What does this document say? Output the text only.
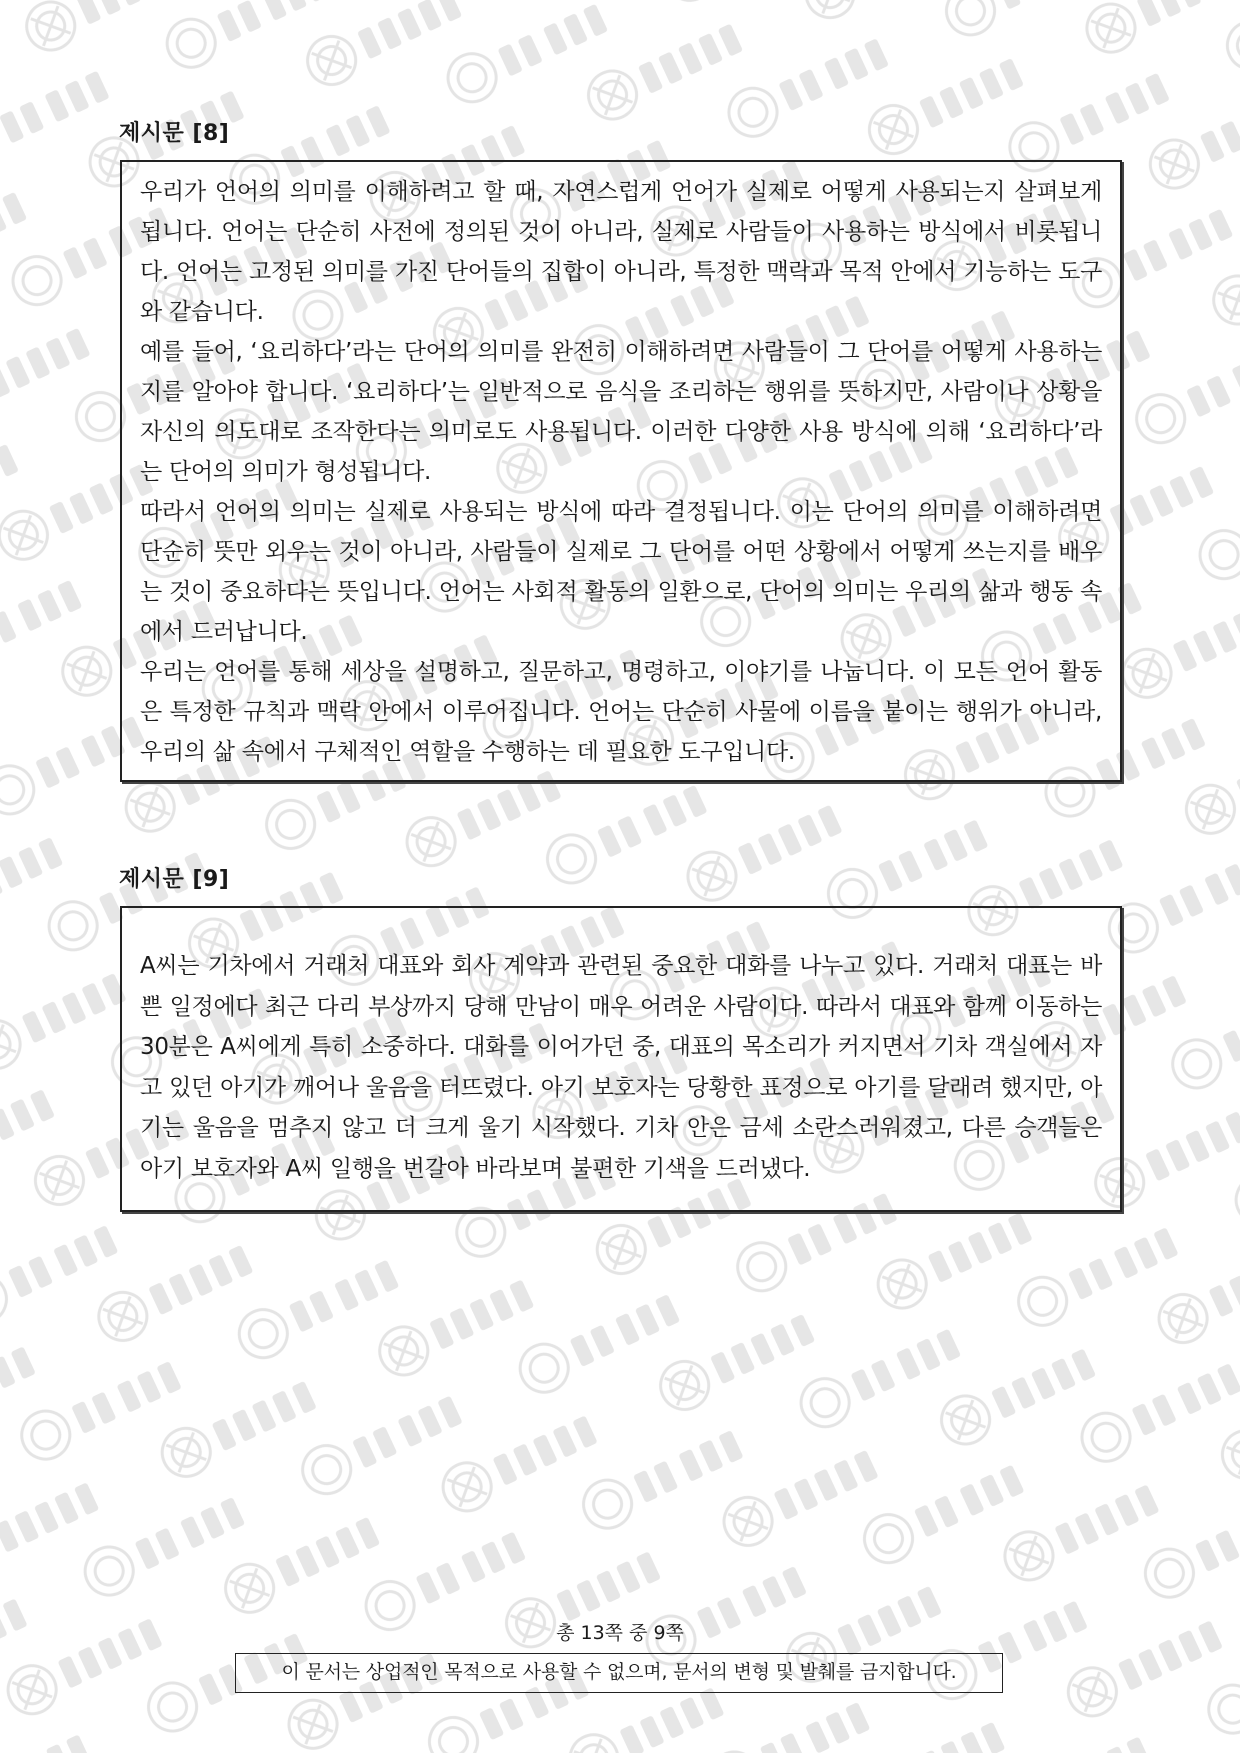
제시문 [8]

우리가 언어의 의미를 이해하려고 할 때, 자연스럽게 언어가 실제로 어떻게 사용되는지 살펴보게 됩니다. 언어는 단순히 사전에 정의된 것이 아니라, 실제로 사람들이 사용하는 방식에서 비롯됩니다. 언어는 고정된 의미를 가진 단어들의 집합이 아니라, 특정한 맥락과 목적 안에서 기능하는 도구와 같습니다.

예를 들어, ‘요리하다’라는 단어의 의미를 완전히 이해하려면 사람들이 그 단어를 어떻게 사용하는지를 알아야 합니다. ‘요리하다’는 일반적으로 음식을 조리하는 행위를 뜻하지만, 사람이나 상황을 자신의 의도대로 조작한다는 의미로도 사용됩니다. 이러한 다양한 사용 방식에 의해 ‘요리하다’라는 단어의 의미가 형성됩니다.

따라서 언어의 의미는 실제로 사용되는 방식에 따라 결정됩니다. 이는 단어의 의미를 이해하려면 단순히 뜻만 외우는 것이 아니라, 사람들이 실제로 그 단어를 어떤 상황에서 어떻게 쓰는지를 배우는 것이 중요하다는 뜻입니다. 언어는 사회적 활동의 일환으로, 단어의 의미는 우리의 삶과 행동 속에서 드러납니다.

우리는 언어를 통해 세상을 설명하고, 질문하고, 명령하고, 이야기를 나눕니다. 이 모든 언어 활동은 특정한 규칙과 맥락 안에서 이루어집니다. 언어는 단순히 사물에 이름을 붙이는 행위가 아니라, 우리의 삶 속에서 구체적인 역할을 수행하는 데 필요한 도구입니다.

제시문 [9]

A씨는 기차에서 거래처 대표와 회사 계약과 관련된 중요한 대화를 나누고 있다. 거래처 대표는 바쁜 일정에다 최근 다리 부상까지 당해 만남이 매우 어려운 사람이다. 따라서 대표와 함께 이동하는 30분은 A씨에게 특히 소중하다. 대화를 이어가던 중, 대표의 목소리가 커지면서 기차 객실에서 자고 있던 아기가 깨어나 울음을 터뜨렸다. 아기 보호자는 당황한 표정으로 아기를 달래려 했지만, 아기는 울음을 멈추지 않고 더 크게 울기 시작했다. 기차 안은 금세 소란스러워졌고, 다른 승객들은 아기 보호자와 A씨 일행을 번갈아 바라보며 불편한 기색을 드러냈다.

총 13쪽 중 9쪽
이 문서는 상업적인 목적으로 사용할 수 없으며, 문서의 변형 및 발췌를 금지합니다.
